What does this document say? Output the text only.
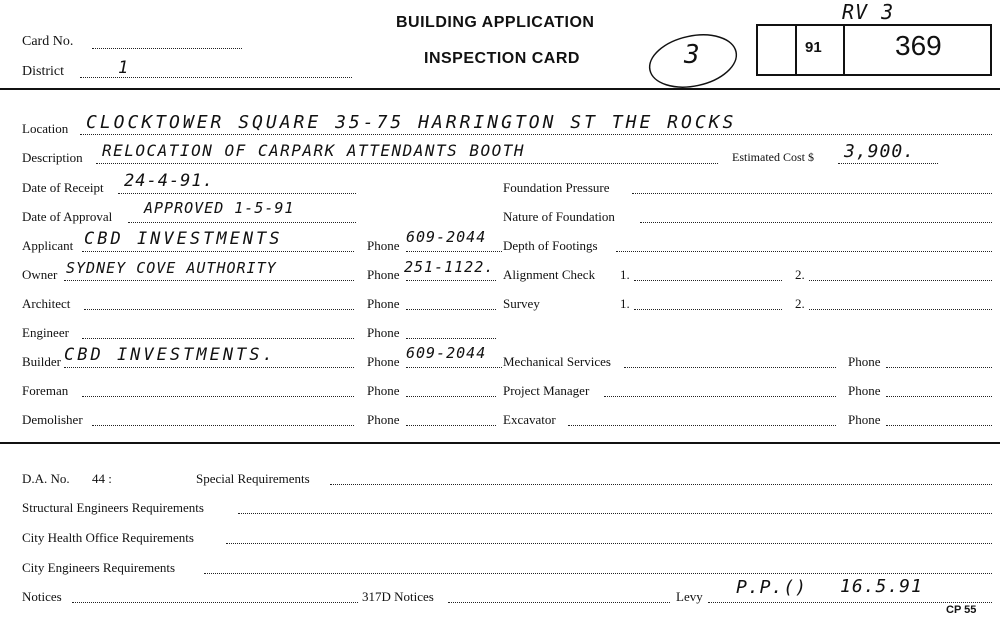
Card No.
District	1
BUILDING APPLICATION
INSPECTION CARD	3
RV 3
91	369
Location CLOCKTOWER SQUARE 35-75 HARRINGTON ST THE ROCKS
Description RELOCATION OF CARPARK ATTENDANTS BOOTH	Estimated Cost $ 3,900.
Date of Receipt 24-4-91.
Date of Approval APPROVED 1-5-91
Applicant CBD INVESTMENTS	Phone 609-2044
Owner SYDNEY COVE AUTHORITY	Phone 251-1122.
Architect	Phone
Engineer	Phone
Builder CBD INVESTMENTS.	Phone 609-2044
Foreman	Phone
Demolisher	Phone
Foundation Pressure
Nature of Foundation
Depth of Footings
Alignment Check 1.	2.
Survey	1.	2.
Mechanical Services	Phone
Project Manager	Phone
Excavator	Phone
D.A. No. 44 :	Special Requirements
Structural Engineers Requirements
City Health Office Requirements
City Engineers Requirements
Notices	317D Notices	Levy P.P.() 16.5.91
CP 55
